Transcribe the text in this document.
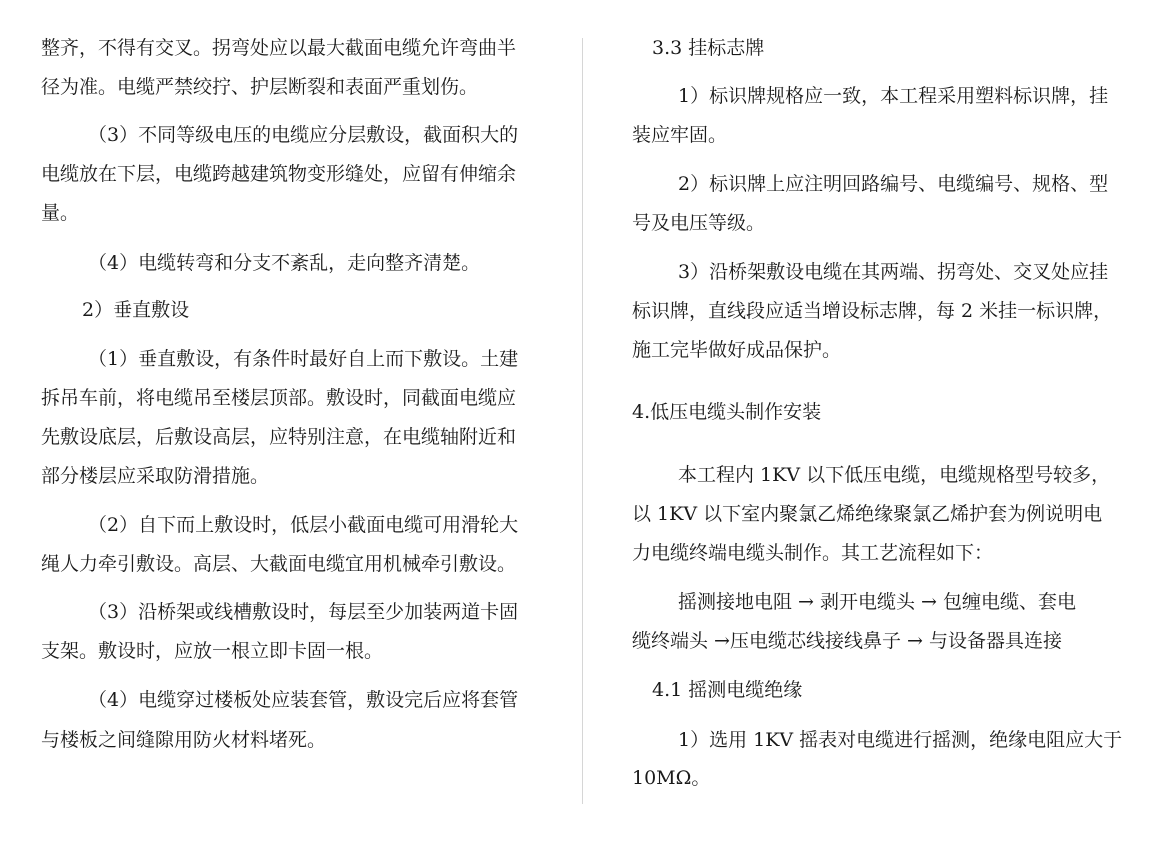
整齐，不得有交叉。拐弯处应以最大截面电缆允许弯曲半
径为准。电缆严禁绞拧、护层断裂和表面严重划伤。
（3）不同等级电压的电缆应分层敷设，截面积大的
电缆放在下层，电缆跨越建筑物变形缝处，应留有伸缩余
量。
（4）电缆转弯和分支不紊乱，走向整齐清楚。
2）垂直敷设
（1）垂直敷设，有条件时最好自上而下敷设。土建
拆吊车前，将电缆吊至楼层顶部。敷设时，同截面电缆应
先敷设底层，后敷设高层，应特别注意，在电缆轴附近和
部分楼层应采取防滑措施。
（2）自下而上敷设时，低层小截面电缆可用滑轮大
绳人力牵引敷设。高层、大截面电缆宜用机械牵引敷设。
（3）沿桥架或线槽敷设时，每层至少加装两道卡固
支架。敷设时，应放一根立即卡固一根。
（4）电缆穿过楼板处应装套管，敷设完后应将套管
与楼板之间缝隙用防火材料堵死。
3.3 挂标志牌
1）标识牌规格应一致，本工程采用塑料标识牌，挂
装应牢固。
2）标识牌上应注明回路编号、电缆编号、规格、型
号及电压等级。
3）沿桥架敷设电缆在其两端、拐弯处、交叉处应挂
标识牌，直线段应适当增设标志牌，每 2 米挂一标识牌，
施工完毕做好成品保护。
4.低压电缆头制作安装
本工程内 1KV 以下低压电缆，电缆规格型号较多，
以 1KV 以下室内聚氯乙烯绝缘聚氯乙烯护套为例说明电
力电缆终端电缆头制作。其工艺流程如下：
摇测接地电阻 → 剥开电缆头 → 包缠电缆、套电
缆终端头 →压电缆芯线接线鼻子 → 与设备器具连接
4.1 摇测电缆绝缘
1）选用 1KV 摇表对电缆进行摇测，绝缘电阻应大于
10MΩ。
